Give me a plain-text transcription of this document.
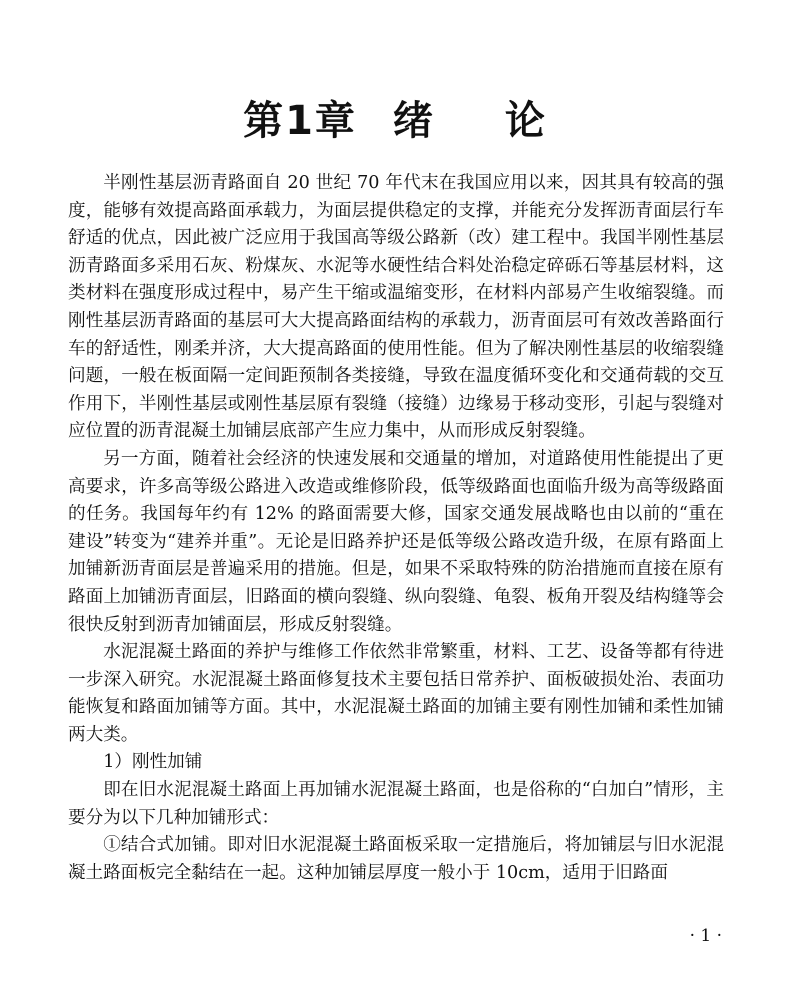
第1章 绪 论

半刚性基层沥青路面自 20 世纪 70 年代末在我国应用以来，因其具有较高的强度，能够有效提高路面承载力，为面层提供稳定的支撑，并能充分发挥沥青面层行车舒适的优点，因此被广泛应用于我国高等级公路新（改）建工程中。我国半刚性基层沥青路面多采用石灰、粉煤灰、水泥等水硬性结合料处治稳定碎砾石等基层材料，这类材料在强度形成过程中，易产生干缩或温缩变形，在材料内部易产生收缩裂缝。而刚性基层沥青路面的基层可大大提高路面结构的承载力，沥青面层可有效改善路面行车的舒适性，刚柔并济，大大提高路面的使用性能。但为了解决刚性基层的收缩裂缝问题，一般在板面隔一定间距预制各类接缝，导致在温度循环变化和交通荷载的交互作用下，半刚性基层或刚性基层原有裂缝（接缝）边缘易于移动变形，引起与裂缝对应位置的沥青混凝土加铺层底部产生应力集中，从而形成反射裂缝。

另一方面，随着社会经济的快速发展和交通量的增加，对道路使用性能提出了更高要求，许多高等级公路进入改造或维修阶段，低等级路面也面临升级为高等级路面的任务。我国每年约有 12% 的路面需要大修，国家交通发展战略也由以前的“重在建设”转变为“建养并重”。无论是旧路养护还是低等级公路改造升级，在原有路面上加铺新沥青面层是普遍采用的措施。但是，如果不采取特殊的防治措施而直接在原有路面上加铺沥青面层，旧路面的横向裂缝、纵向裂缝、龟裂、板角开裂及结构缝等会很快反射到沥青加铺面层，形成反射裂缝。

水泥混凝土路面的养护与维修工作依然非常繁重，材料、工艺、设备等都有待进一步深入研究。水泥混凝土路面修复技术主要包括日常养护、面板破损处治、表面功能恢复和路面加铺等方面。其中，水泥混凝土路面的加铺主要有刚性加铺和柔性加铺两大类。

1）刚性加铺

即在旧水泥混凝土路面上再加铺水泥混凝土路面，也是俗称的“白加白”情形，主要分为以下几种加铺形式：

①结合式加铺。即对旧水泥混凝土路面板采取一定措施后，将加铺层与旧水泥混凝土路面板完全黏结在一起。这种加铺层厚度一般小于 10cm，适用于旧路面

· 1 ·
